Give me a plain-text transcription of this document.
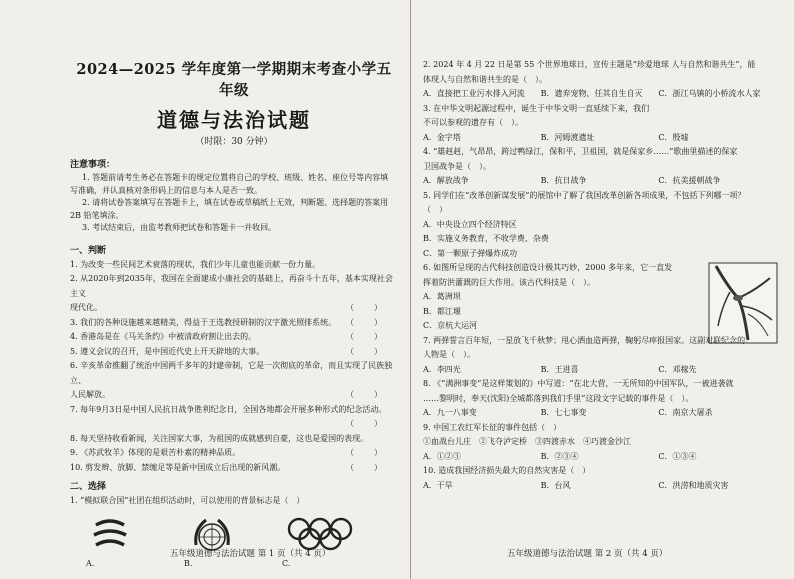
2024—2025 学年度第一学期期末考查小学五年级
道德与法治试题
（时限：30 分钟）
注意事项：

1. 答题前请考生务必在答题卡的规定位置将自己的学校、班级、姓名、座位号等内容填

写准确，并认真核对条形码上的信息与本人是否一致。

2. 请将试卷答案填写在答题卡上，填在试卷或草稿纸上无效，判断题、选择题的答案用

2B 铅笔填涂。

3. 考试结束后，由监考教师把试卷和答题卡一并收回。

一、判断
1. 为改变一些民间艺术衰落的现状，我们少年儿童也能贡献一份力量。
2. 从2020年到2035年，我国在全面建成小康社会的基础上，再奋斗十五年，基本实现社会主义
现代化。	（　）
3. 我们的各种设施越来越精美，得益于王选教授研制的汉字激光照排系统。 （　）
4. 香港岛是在《马关条约》中被清政府割让出去的。	（　）
5. 遵义会议的召开，是中国近代史上开天辟地的大事。	（　）
6. 辛亥革命推翻了统治中国两千多年的封建帝制，它是一次彻底的革命，而且实现了民族独立、
人民解放。	（　）
7. 每年9月3日是中国人民抗日战争胜利纪念日，全国各地都会开展多种形式的纪念活动。

（　）
8. 每天坚持收看新闻，关注国家大事，为祖国的成就感到自豪，这也是爱国的表现。
9. 《苏武牧羊》体现的是艰苦朴素的精神品质。	（　）
10. 剪发辫、放脚、禁缠足等是新中国成立后出现的新风潮。	（　）
二、选择
1. “模拟联合国”社团在组织活动时，可以使用的背景标志是（　）
A.	B.	C.
五年级道德与法治试题 第 1 页（共 4 页）
2. 2024 年 4 月 22 日是第 55 个世界地球日，宣传主题是“珍爱地球 人与自然和谐共生”，能
体现人与自然和谐共生的是（　）。
A．直接把工业污水排入河流	B．遗弃宠物，任其自生自灭	C．浙江乌镇的小桥流水人家
3. 在中华文明起源过程中，诞生于中华文明一直延续下来，我们
不可以参观的遗存有（　）。
A．金字塔	B．河姆渡遗址	C．殷墟
4. “雄赳赳，气昂昂，跨过鸭绿江，保和平，卫祖国，就是保家乡……”歌曲里描述的保家
卫国战争是（　）。
A．解放战争	B．抗日战争	C．抗美援朝战争
5. 同学们在“改革创新谋发展”的展馆中了解了我国改革创新各项成果，不包括下列哪一项？
（　）
A．中央设立四个经济特区
B．实施义务教育，不收学费、杂费
C．第一颗原子弹爆炸成功
6. 如图所呈现的古代科技创造设计极其巧妙，2000 多年来，它一直发
挥着防洪灌溉的巨大作用。该古代科技是（　）。
A．葛洲坝
B．都江堰
C．京杭大运河
7. 两弹誓言百年短，一星放飞千秋梦；甩心洒血造两弹，鞠躬尽瘁报国家。这副对联纪念的
人物是（　）。
A．李四光	B．王进喜	C．邓稼先
8. 《“满洲事变”是这样策划的》中写道：“在北大营，一无所知的中国军队，一被进袭就
……黎明时，奉天(沈阳)全城都落到我们手里”这段文字记载的事件是（　）。
A．九一八事变	B．七七事变	C．南京大屠杀
9. 中国工农红军长征的事件包括（　）
①血战台儿庄　②飞夺泸定桥　③四渡赤水　④巧渡金沙江
A．①②③	B．②③④	C．①③④
10. 造成我国经济损失最大的自然灾害是（　）
A．干旱	B．台风	C．洪涝和地质灾害
五年级道德与法治试题 第 2 页（共 4 页）
